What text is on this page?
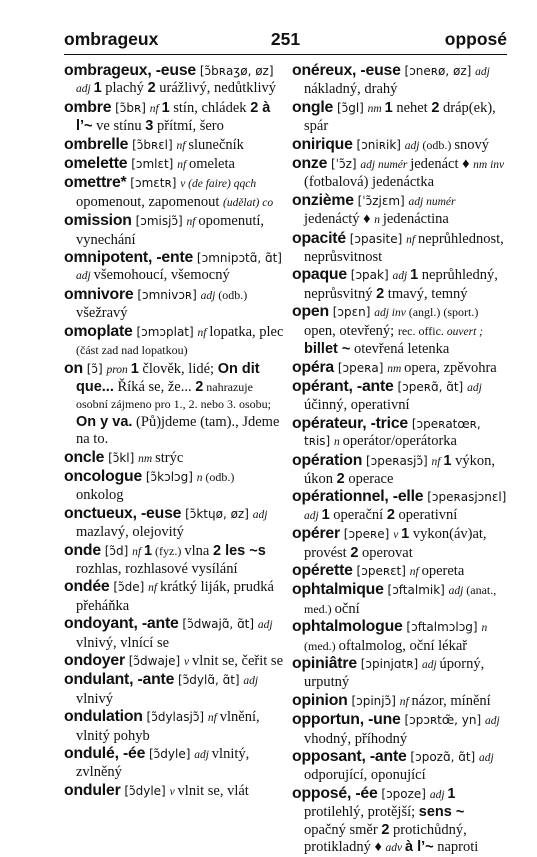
ombrageux	251	opposé

ombrageux, -euse [ɔ̃bʀaʒø, øz] adj 1 plachý 2 urážlivý, nedůtklivý

ombre [ɔ̃bʀ] nf 1 stín, chládek 2 à l’~ ve stínu 3 přítmí, šero

ombrelle [ɔ̃bʀɛl] nf slunečník

omelette [ɔmlɛt] nf omeleta

omettre* [ɔmɛtʀ] v (de faire) qqch opomenout, zapomenout (udělat) co

omission [ɔmisjɔ̃] nf opomenutí, vynechání

omnipotent, -ente [ɔmnipɔtɑ̃, ɑ̃t] adj všemohoucí, všemocný

omnivore [ɔmnivɔʀ] adj (odb.) všežravý

omoplate [ɔmɔplat] nf lopatka, plec (část zad nad lopatkou)

on [ɔ̃] pron 1 člověk, lidé; On dit que... Říká se, že... 2 nahrazuje osobní zájmeno pro 1., 2. nebo 3. osobu; On y va. (Pů)jdeme (tam)., Jdeme na to.

oncle [ɔ̃kl] nm strýc

oncologue [ɔ̃kɔlɔg] n (odb.) onkolog

onctueux, -euse [ɔ̃ktɥø, øz] adj mazlavý, olejovitý

onde [ɔ̃d] nf 1 (fyz.) vlna 2 les ~s rozhlas, rozhlasové vysílání

ondée [ɔ̃de] nf krátký liják, prudká přeháňka

ondoyant, -ante [ɔ̃dwajɑ̃, ɑ̃t] adj vlnivý, vlnící se

ondoyer [ɔ̃dwaje] v vlnit se, čeřit se

ondulant, -ante [ɔ̃dylɑ̃, ɑ̃t] adj vlnivý

ondulation [ɔ̃dylasjɔ̃] nf vlnění, vlnitý pohyb

ondulé, -ée [ɔ̃dyle] adj vlnitý, zvlněný

onduler [ɔ̃dyle] v vlnit se, vlát

onéreux, -euse [ɔneʀø, øz] adj nákladný, drahý

ongle [ɔ̃gl] nm 1 nehet 2 dráp(ek), spár

onirique [ɔniʀik] adj (odb.) snový

onze [ˈɔ̃z] adj numér jedenáct ♦ nm inv (fotbalová) jedenáctka

onzième [ˈɔ̃zjɛm] adj numér jedenáctý ♦ n jedenáctina

opacité [ɔpasite] nf neprůhlednost, neprůsvitnost

opaque [ɔpak] adj 1 neprůhledný, neprůsvitný 2 tmavý, temný

open [ɔpɛn] adj inv (angl.) (sport.) open, otevřený; rec. offic. ouvert ; billet ~ otevřená letenka

opéra [ɔpeʀa] nm opera, zpěvohra

opérant, -ante [ɔpeʀɑ̃, ɑ̃t] adj účinný, operativní

opérateur, -trice [ɔpeʀatœʀ, tʀis] n operátor/operátorka

opération [ɔpeʀasjɔ̃] nf 1 výkon, úkon 2 operace

opérationnel, -elle [ɔpeʀasjɔnɛl] adj 1 operační 2 operativní

opérer [ɔpeʀe] v 1 vykon(áv)at, provést 2 operovat

opérette [ɔpeʀɛt] nf opereta

ophtalmique [ɔftalmik] adj (anat., med.) oční

ophtalmologue [ɔftalmɔlɔg] n (med.) oftalmolog, oční lékař

opiniâtre [ɔpinjɑtʀ] adj úporný, urputný

opinion [ɔpinjɔ̃] nf názor, mínění

opportun, -une [ɔpɔʀtœ̃, yn] adj vhodný, příhodný

opposant, -ante [ɔpozɑ̃, ɑ̃t] adj odporující, oponující

opposé, -ée [ɔpoze] adj 1 protilehlý, protější; sens ~ opačný směr 2 protichůdný, protikladný ♦ adv à l’~ naproti
